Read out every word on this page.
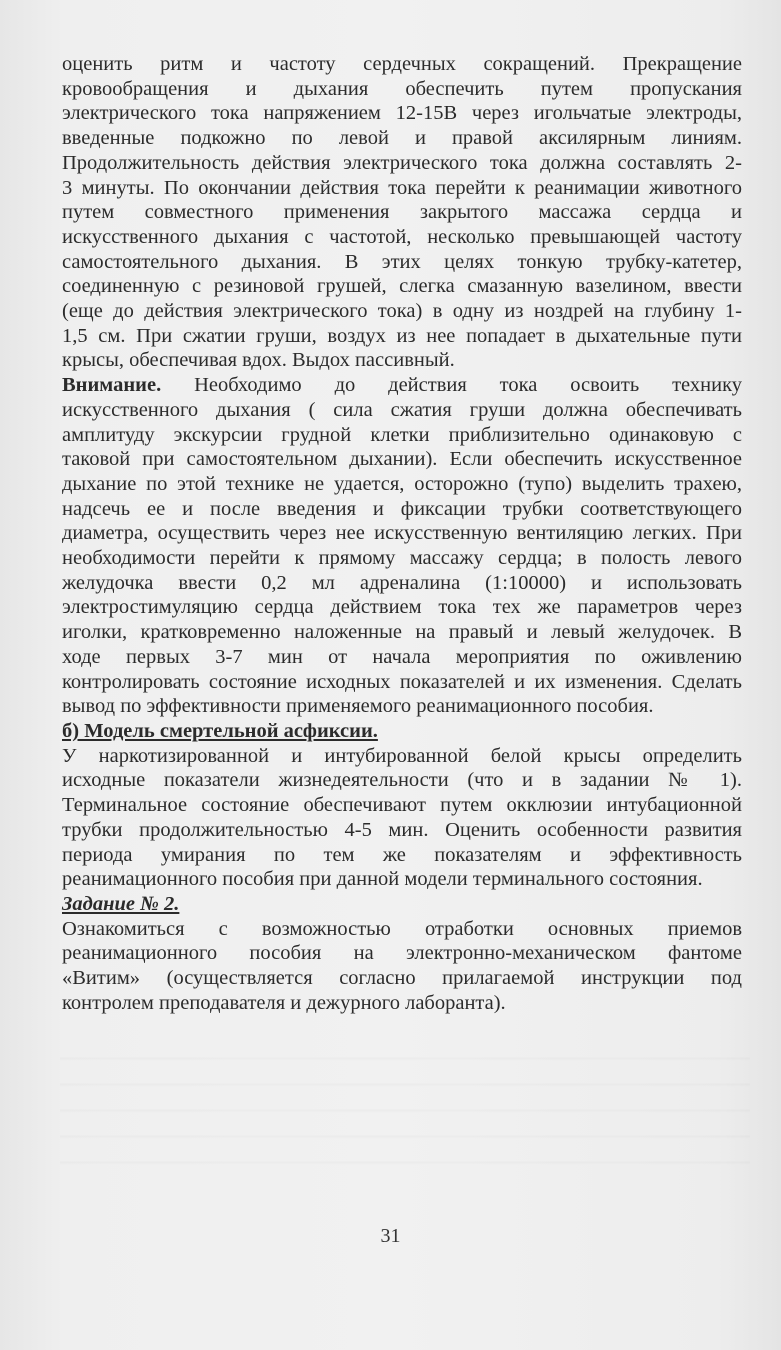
оценить ритм и частоту сердечных сокращений. Прекращение
кровообращения и дыхания обеспечить путем пропускания
электрического тока напряжением 12-15В через игольчатые электроды,
введенные подкожно по левой и правой аксилярным линиям.
Продолжительность действия электрического тока должна составлять 2-
3 минуты. По окончании действия тока перейти к реанимации животного
путем совместного применения закрытого массажа сердца и
искусственного дыхания с частотой, несколько превышающей частоту
самостоятельного дыхания. В этих целях тонкую трубку-катетер,
соединенную с резиновой грушей, слегка смазанную вазелином, ввести
(еще до действия электрического тока) в одну из ноздрей на глубину 1-
1,5 см. При сжатии груши, воздух из нее попадает в дыхательные пути
крысы, обеспечивая вдох. Выдох пассивный.
Внимание. Необходимо до действия тока освоить технику
искусственного дыхания ( сила сжатия груши должна обеспечивать
амплитуду экскурсии грудной клетки приблизительно одинаковую с
таковой при самостоятельном дыхании). Если обеспечить искусственное
дыхание по этой технике не удается, осторожно (тупо) выделить трахею,
надсечь ее и после введения и фиксации трубки соответствующего
диаметра, осуществить через нее искусственную вентиляцию легких. При
необходимости перейти к прямому массажу сердца; в полость левого
желудочка ввести 0,2 мл адреналина (1:10000) и использовать
электростимуляцию сердца действием тока тех же параметров через
иголки, кратковременно наложенные на правый и левый желудочек. В
ходе первых 3-7 мин от начала мероприятия по оживлению
контролировать состояние исходных показателей и их изменения. Сделать
вывод по эффективности применяемого реанимационного пособия.
б) Модель смертельной асфиксии.
У наркотизированной и интубированной белой крысы определить
исходные показатели жизнедеятельности (что и в задании № 1).
Терминальное состояние обеспечивают путем окклюзии интубационной
трубки продолжительностью 4-5 мин. Оценить особенности развития
периода умирания по тем же показателям и эффективность
реанимационного пособия при данной модели терминального состояния.
Задание № 2.
Ознакомиться с возможностью отработки основных приемов
реанимационного пособия на электронно-механическом фантоме
«Витим» (осуществляется согласно прилагаемой инструкции под
контролем преподавателя и дежурного лаборанта).
31
